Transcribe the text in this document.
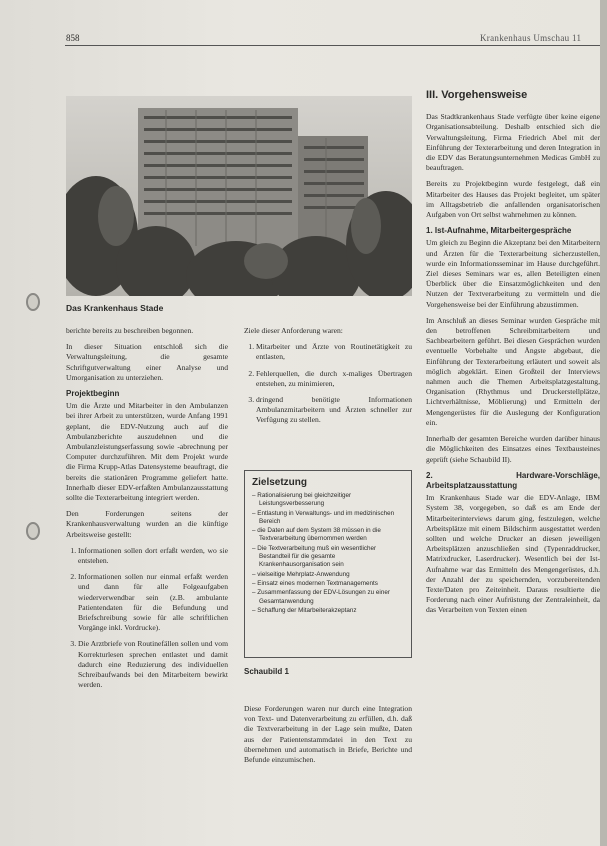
858	Krankenhaus Umschau 11
Das Krankenhaus Stade

berichte bereits zu beschreiben begonnen.

In dieser Situation entschloß sich die Verwaltungsleitung, die gesamte Schriftgutverwaltung einer Analyse und Umorganisation zu unterziehen.

Projektbeginn

Um die Ärzte und Mitarbeiter in den Ambulanzen bei ihrer Arbeit zu unterstützen, wurde Anfang 1991 geplant, die EDV-Nutzung auch auf die Ambulanzberichte auszudehnen und die Ambulanzleistungserfassung sowie -abrechnung per Computer durchzuführen. Mit dem Projekt wurde die Firma Krupp-Atlas Datensysteme beauftragt, die bereits die stationären Programme geliefert hatte. Innerhalb dieser EDV-erfaßten Ambulanzausstattung sollte die Texterarbeitung integriert werden.

Den Forderungen seitens der Krankenhausverwaltung wurden an die künftige Arbeitsweise gestellt:

1. Informationen sollen dort erfaßt werden, wo sie entstehen.
2. Informationen sollen nur einmal erfaßt werden und dann für alle Folgeaufgaben wiederverwendbar sein (z.B. ambulante Patientendaten für die Befundung und Briefschreibung sowie für alle schriftlichen Vorgänge inkl. Vordrucke).
3. Die Arztbriefe von Routinefällen sollen und vom Korrekturlesen sprechen entlastet und damit dadurch eine Reduzierung des individuellen Schreibaufwands bei den Mitarbeitern bewirkt werden.

Ziele dieser Anforderung waren:

1. Mitarbeiter und Ärzte von Routinetätigkeit zu entlasten,
2. Fehlerquellen, die durch x-maliges Übertragen entstehen, zu minimieren,
3. dringend benötigte Informationen Ambulanzmitarbeitern und Ärzten schneller zur Verfügung zu stellen.
Zielsetzung
– Rationalisierung bei gleichzeitiger Leistungsverbesserung
– Entlastung in Verwaltungs- und im medizinischen Bereich
– die Daten auf dem System 38 müssen in die Textverarbeitung übernommen werden
– Die Textverarbeitung muß ein wesentlicher Bestandteil für die gesamte Krankenhausorganisation sein
– vielseitige Mehrplatz-Anwendung
– Einsatz eines modernen Textmanagements
– Zusammenfassung der EDV-Lösungen zu einer Gesamtanwendung
– Schaffung der Mitarbeiterakzeptanz
Schaubild 1

Diese Forderungen waren nur durch eine Integration von Text- und Datenverarbeitung zu erfüllen, d.h. daß die Textverarbeitung in der Lage sein mußte, Daten aus der Patientenstammdatei in den Text zu übernehmen und automatisch in Briefe, Berichte und Befunde einzumischen.

III. Vorgehensweise

Das Stadtkrankenhaus Stade verfügte über keine eigene Organisationsabteilung. Deshalb entschied sich die Verwaltungsleitung, Firma Friedrich Abel mit der Einführung der Texterarbeitung und deren Integration in die EDV das Beratungsunternehmen Medicas GmbH zu beauftragen.

Bereits zu Projektbeginn wurde festgelegt, daß ein Mitarbeiter des Hauses das Projekt begleitet, um später im Alltagsbetrieb die anfallenden organisatorischen Aufgaben von Ort selbst wahrnehmen zu können.

1. Ist-Aufnahme, Mitarbeitergespräche

Um gleich zu Beginn die Akzeptanz bei den Mitarbeitern und Ärzten für die Texterarbeitung sicherzustellen, wurde ein Informationsseminar im Hause durchgeführt. Ziel dieses Seminars war es, allen Beteiligten einen Überblick über die Einsatzmöglichkeiten und den Nutzen der Textverarbeitung zu vermitteln und die Vorgehensweise bei der Einführung abzustimmen.

Im Anschluß an dieses Seminar wurden Gespräche mit den betroffenen Schreibmitarbeitern und Sachbearbeitern geführt. Bei diesen Gesprächen wurden eventuelle Vorbehalte und Ängste abgebaut, die Einführung der Texterarbeitung erläutert und soweit als möglich abgeklärt. Einen Großteil der Interviews nahmen auch die Themen Arbeitsplatzgestaltung, Organisation (Rhythmus und Druckerstellplätze, Lichtverhältnisse, Möblierung) und Ermitteln der Mengengerüstes für die Auslegung der Konfiguration ein.

Innerhalb der gesamten Bereiche wurden darüber hinaus die Möglichkeiten des Einsatzes eines Textbausteines geprüft (siehe Schaubild II).

2. Hardware-Vorschläge, Arbeitsplatzausstattung

Im Krankenhaus Stade war die EDV-Anlage, IBM System 38, vorgegeben, so daß es am Ende der Mitarbeiterinterviews darum ging, festzulegen, welche Arbeitsplätze mit einem Bildschirm ausgestattet werden sollten und welche Drucker an diesen jeweiligen Arbeitsplätzen anzuschließen sind (Typenraddrucker, Matrixdrucker, Laserdrucker). Wesentlich bei der Ist-Aufnahme war das Ermitteln des Mengengerüstes, d.h. der Anzahl der zu speichernden, vorzubereitenden Texte/Daten pro Zeiteinheit. Daraus resultierte die Forderung nach einer Aufrüstung der Zentraleinheit, da das Verarbeiten von Texten einen
